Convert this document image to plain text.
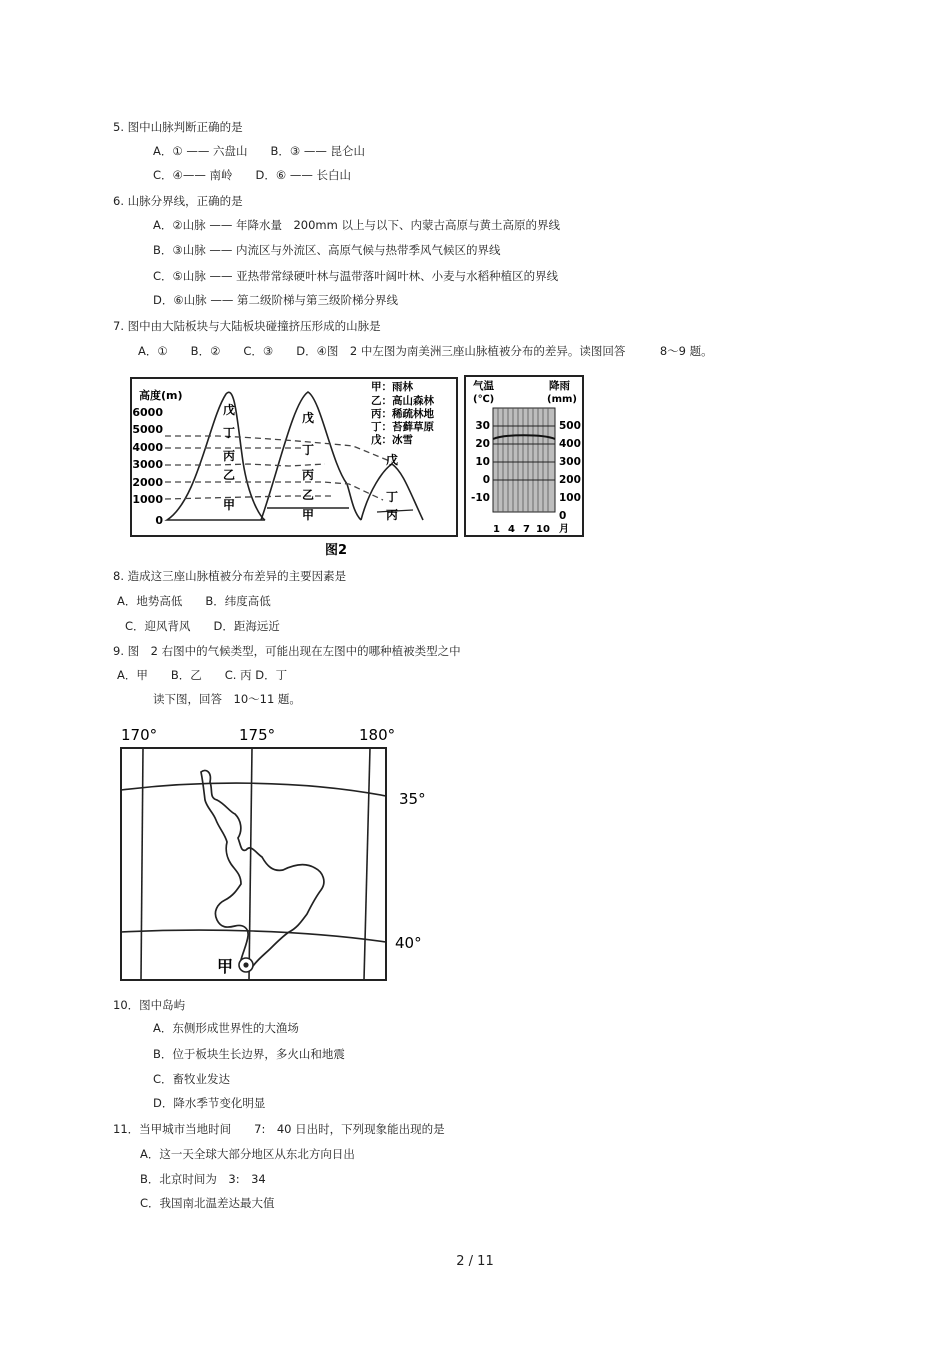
5. 图中山脉判断正确的是
A．① —— 六盘山　　B．③ —— 昆仑山
C．④—— 南岭　　D．⑥ —— 长白山
6. 山脉分界线，正确的是
A．②山脉 —— 年降水量　200mm 以上与以下、内蒙古高原与黄土高原的界线
B．③山脉 —— 内流区与外流区、高原气候与热带季风气候区的界线
C．⑤山脉 —— 亚热带常绿硬叶林与温带落叶阔叶林、小麦与水稻种植区的界线
D．⑥山脉 —— 第二级阶梯与第三级阶梯分界线
7. 图中由大陆板块与大陆板块碰撞挤压形成的山脉是
A．①　　B．②　　C．③　　D．④图　2 中左图为南美洲三座山脉植被分布的差异。读图回答　　　8～9 题。
高度(m)
6000
5000
4000
3000
2000
1000
0
戊
丁
丙
乙
甲
戊
丁
丙
乙
甲
戊
丁
丙
甲：雨林
乙：高山森林
丙：稀疏林地
丁：苔藓草原
戊：冰雪
气温
(℃)
降雨
(mm)
30
20
10
0
-10
500
400
300
200
100
0
1 4 7 10 月
图2
8. 造成这三座山脉植被分布差异的主要因素是
A．地势高低　　B．纬度高低
C．迎风背风　　D．距海远近
9. 图　2 右图中的气候类型，可能出现在左图中的哪种植被类型之中
A．甲　　B．乙　　C. 丙 D．丁
读下图，回答　10～11 题。
170°	175°	180°
35°
40°
甲
10．图中岛屿
A．东侧形成世界性的大渔场
B．位于板块生长边界，多火山和地震
C．畜牧业发达
D．降水季节变化明显
11．当甲城市当地时间　　7:　40 日出时，下列现象能出现的是
A．这一天全球大部分地区从东北方向日出
B．北京时间为　3:　34
C．我国南北温差达最大值
2 / 11
